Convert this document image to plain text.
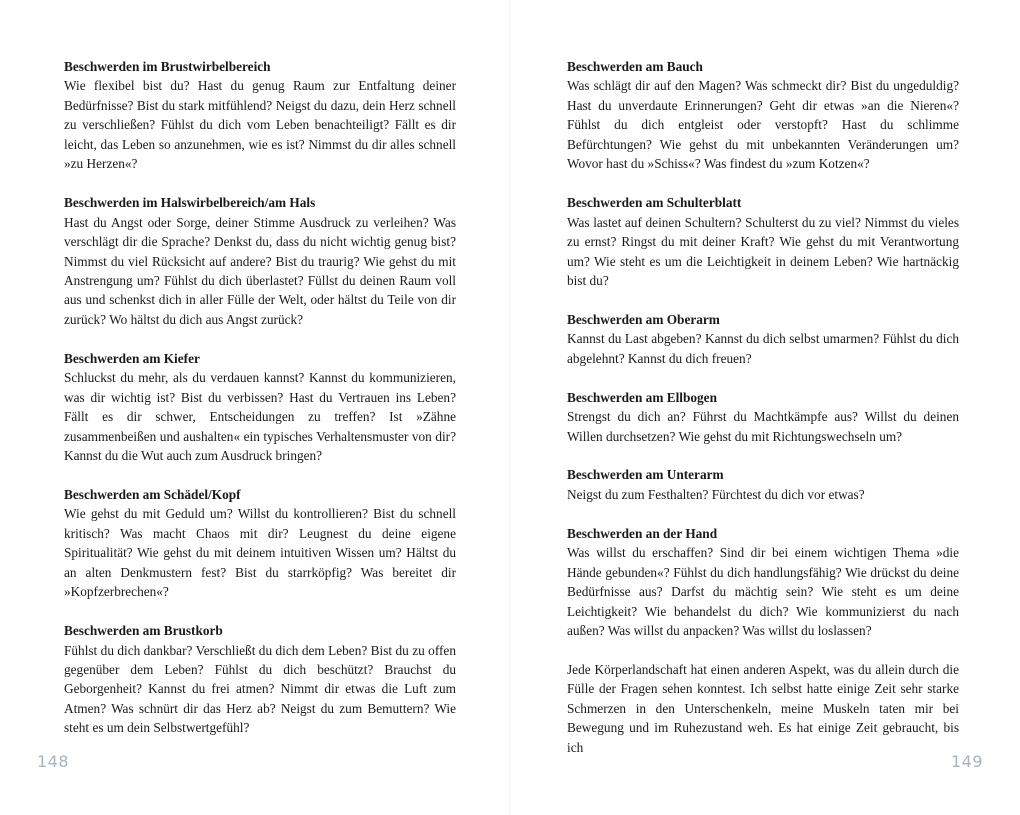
Beschwerden im Brustwirbelbereich
Wie flexibel bist du? Hast du genug Raum zur Entfaltung deiner Bedürfnisse? Bist du stark mitfühlend? Neigst du dazu, dein Herz schnell zu verschließen? Fühlst du dich vom Leben benachteiligt? Fällt es dir leicht, das Leben so anzunehmen, wie es ist? Nimmst du dir alles schnell »zu Herzen«?
Beschwerden im Halswirbelbereich/am Hals
Hast du Angst oder Sorge, deiner Stimme Ausdruck zu verleihen? Was verschlägt dir die Sprache? Denkst du, dass du nicht wichtig genug bist? Nimmst du viel Rücksicht auf andere? Bist du traurig? Wie gehst du mit Anstrengung um? Fühlst du dich überlastet? Füllst du deinen Raum voll aus und schenkst dich in aller Fülle der Welt, oder hältst du Teile von dir zurück? Wo hältst du dich aus Angst zurück?
Beschwerden am Kiefer
Schluckst du mehr, als du verdauen kannst? Kannst du kommunizieren, was dir wichtig ist? Bist du verbissen? Hast du Vertrauen ins Leben? Fällt es dir schwer, Entscheidungen zu treffen? Ist »Zähne zusammenbeißen und aushalten« ein typisches Verhaltensmuster von dir? Kannst du die Wut auch zum Ausdruck bringen?
Beschwerden am Schädel/Kopf
Wie gehst du mit Geduld um? Willst du kontrollieren? Bist du schnell kritisch? Was macht Chaos mit dir? Leugnest du deine eigene Spiritualität? Wie gehst du mit deinem intuitiven Wissen um? Hältst du an alten Denkmustern fest? Bist du starrköpfig? Was bereitet dir »Kopfzerbrechen«?
Beschwerden am Brustkorb
Fühlst du dich dankbar? Verschließt du dich dem Leben? Bist du zu offen gegenüber dem Leben? Fühlst du dich beschützt? Brauchst du Geborgenheit? Kannst du frei atmen? Nimmt dir etwas die Luft zum Atmen? Was schnürt dir das Herz ab? Neigst du zum Bemuttern? Wie steht es um dein Selbstwertgefühl?
148
Beschwerden am Bauch
Was schlägt dir auf den Magen? Was schmeckt dir? Bist du ungeduldig? Hast du unverdaute Erinnerungen? Geht dir etwas »an die Nieren«? Fühlst du dich entgleist oder verstopft? Hast du schlimme Befürchtungen? Wie gehst du mit unbekannten Veränderungen um? Wovor hast du »Schiss«? Was findest du »zum Kotzen«?
Beschwerden am Schulterblatt
Was lastet auf deinen Schultern? Schulterst du zu viel? Nimmst du vieles zu ernst? Ringst du mit deiner Kraft? Wie gehst du mit Verantwortung um? Wie steht es um die Leichtigkeit in deinem Leben? Wie hartnäckig bist du?
Beschwerden am Oberarm
Kannst du Last abgeben? Kannst du dich selbst umarmen? Fühlst du dich abgelehnt? Kannst du dich freuen?
Beschwerden am Ellbogen
Strengst du dich an? Führst du Machtkämpfe aus? Willst du deinen Willen durchsetzen? Wie gehst du mit Richtungswechseln um?
Beschwerden am Unterarm
Neigst du zum Festhalten? Fürchtest du dich vor etwas?
Beschwerden an der Hand
Was willst du erschaffen? Sind dir bei einem wichtigen Thema »die Hände gebunden«? Fühlst du dich handlungsfähig? Wie drückst du deine Bedürfnisse aus? Darfst du mächtig sein? Wie steht es um deine Leichtigkeit? Wie behandelst du dich? Wie kommunizierst du nach außen? Was willst du anpacken? Was willst du loslassen?
Jede Körperlandschaft hat einen anderen Aspekt, was du allein durch die Fülle der Fragen sehen konntest. Ich selbst hatte einige Zeit sehr starke Schmerzen in den Unterschenkeln, meine Muskeln taten mir bei Bewegung und im Ruhezustand weh. Es hat einige Zeit gebraucht, bis ich
149
